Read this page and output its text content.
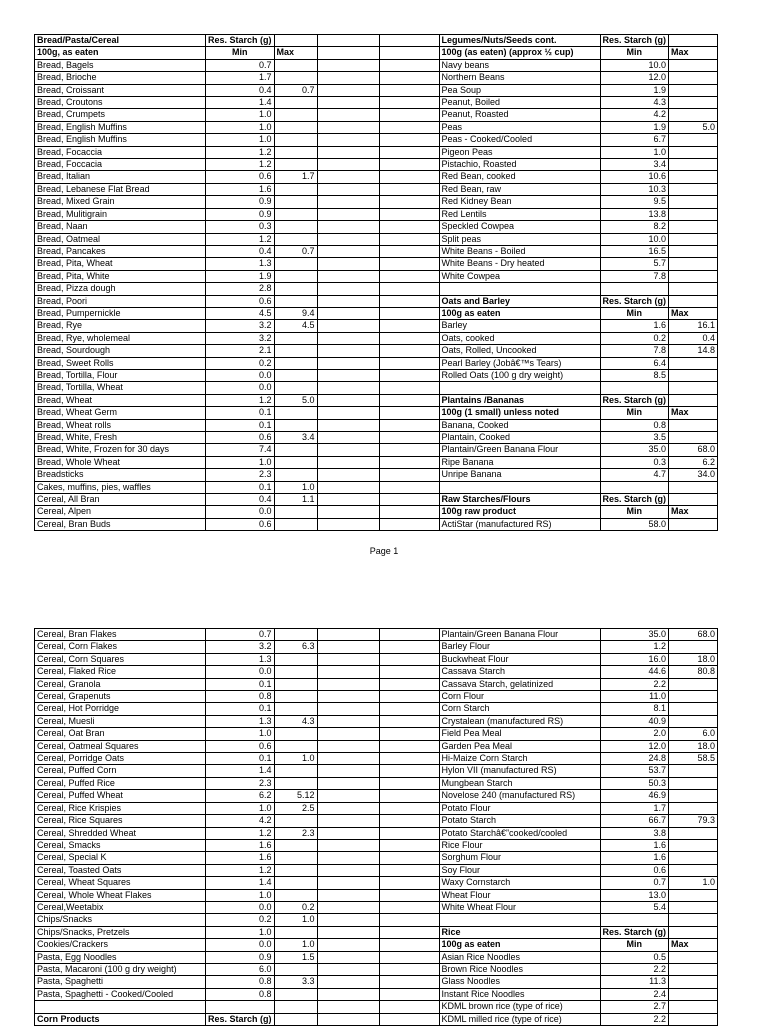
Bread/Pasta/Cereal	Res. Starch (g)				Legumes/Nuts/Seeds cont.	Res. Starch (g)	
100g, as eaten	Min	Max			100g (as eaten) (approx ½ cup)	Min	Max
Bread, Bagels	0.7				Navy beans	10.0	
Bread, Brioche	1.7				Northern Beans	12.0	
Bread, Croissant	0.4	0.7			Pea Soup	1.9	
Bread, Croutons	1.4				Peanut, Boiled	4.3	
Bread, Crumpets	1.0				Peanut, Roasted	4.2	
Bread, English Muffins	1.0				Peas	1.9	5.0
Bread, English Muffins	1.0				Peas - Cooked/Cooled	6.7	
Bread, Focaccia	1.2				Pigeon Peas	1.0	
Bread, Foccacia	1.2				Pistachio, Roasted	3.4	
Bread, Italian	0.6	1.7			Red Bean, cooked	10.6	
Bread, Lebanese Flat Bread	1.6				Red Bean, raw	10.3	
Bread, Mixed Grain	0.9				Red Kidney Bean	9.5	
Bread, Mulitigrain	0.9				Red Lentils	13.8	
Bread, Naan	0.3				Speckled Cowpea	8.2	
Bread, Oatmeal	1.2				Split peas	10.0	
Bread, Pancakes	0.4	0.7			White Beans - Boiled	16.5	
Bread, Pita, Wheat	1.3				White Beans - Dry heated	5.7	
Bread, Pita, White	1.9				White Cowpea	7.8	
Bread, Pizza dough	2.8						
Bread, Poori	0.6				Oats and Barley	Res. Starch (g)	
Bread, Pumpernickle	4.5	9.4			100g as eaten	Min	Max
Bread, Rye	3.2	4.5			Barley	1.6	16.1
Bread, Rye, wholemeal	3.2				Oats, cooked	0.2	0.4
Bread, Sourdough	2.1				Oats, Rolled, Uncooked	7.8	14.8
Bread, Sweet Rolls	0.2				Pearl Barley (Jobâ€™s Tears)	6.4	
Bread, Tortilla, Flour	0.0				Rolled Oats (100 g dry weight)	8.5	
Bread, Tortilla, Wheat	0.0						
Bread, Wheat	1.2	5.0			Plantains /Bananas	Res. Starch (g)	
Bread, Wheat Germ	0.1				100g (1 small) unless noted	Min	Max
Bread, Wheat rolls	0.1				Banana, Cooked	0.8	
Bread, White, Fresh	0.6	3.4			Plantain, Cooked	3.5	
Bread, White, Frozen for 30 days	7.4				Plantain/Green Banana Flour	35.0	68.0
Bread, Whole Wheat	1.0				Ripe Banana	0.3	6.2
Breadsticks	2.3				Unripe Banana	4.7	34.0
Cakes, muffins, pies, waffles	0.1	1.0					
Cereal, All Bran	0.4	1.1			Raw Starches/Flours	Res. Starch (g)	
Cereal, Alpen	0.0				100g raw product	Min	Max
Cereal, Bran Buds	0.6				ActiStar (manufactured RS)	58.0	
Page 1
Cereal, Bran Flakes	0.7				Plantain/Green Banana Flour	35.0	68.0
Cereal, Corn Flakes	3.2	6.3			Barley Flour	1.2	
Cereal, Corn Squares	1.3				Buckwheat Flour	16.0	18.0
Cereal, Flaked Rice	0.0				Cassava Starch	44.6	80.8
Cereal, Granola	0.1				Cassava Starch, gelatinized	2.2	
Cereal, Grapenuts	0.8				Corn Flour	11.0	
Cereal, Hot Porridge	0.1				Corn Starch	8.1	
Cereal, Muesli	1.3	4.3			Crystalean (manufactured RS)	40.9	
Cereal, Oat Bran	1.0				Field Pea Meal	2.0	6.0
Cereal, Oatmeal Squares	0.6				Garden Pea Meal	12.0	18.0
Cereal, Porridge Oats	0.1	1.0			Hi-Maize Corn Starch	24.8	58.5
Cereal, Puffed Corn	1.4				Hylon VII (manufactured RS)	53.7	
Cereal, Puffed Rice	2.3				Mungbean Starch	50.3	
Cereal, Puffed Wheat	6.2	5.12			Novelose 240 (manufactured RS)	46.9	
Cereal, Rice Krispies	1.0	2.5			Potato Flour	1.7	
Cereal, Rice Squares	4.2				Potato Starch	66.7	79.3
Cereal, Shredded Wheat	1.2	2.3			Potato Starchâ€”cooked/cooled	3.8	
Cereal, Smacks	1.6				Rice Flour	1.6	
Cereal, Special K	1.6				Sorghum Flour	1.6	
Cereal, Toasted Oats	1.2				Soy Flour	0.6	
Cereal, Wheat Squares	1.4				Waxy Cornstarch	0.7	1.0
Cereal, Whole Wheat Flakes	1.0				Wheat Flour	13.0	
Cereal,Weetabix	0.0	0.2			White Wheat Flour	5.4	
Chips/Snacks	0.2	1.0					
Chips/Snacks, Pretzels	1.0				Rice	Res. Starch (g)	
Cookies/Crackers	0.0	1.0			100g as eaten	Min	Max
Pasta, Egg Noodles	0.9	1.5			Asian Rice Noodles	0.5	
Pasta, Macaroni (100 g dry weight)	6.0				Brown Rice Noodles	2.2	
Pasta, Spaghetti	0.8	3.3			Glass Noodles	11.3	
Pasta, Spaghetti - Cooked/Cooled	0.8				Instant Rice Noodles	2.4	
					KDML brown rice (type of rice)	2.7	
Corn Products	Res. Starch (g)				KDML milled rice (type of rice)	2.2	
